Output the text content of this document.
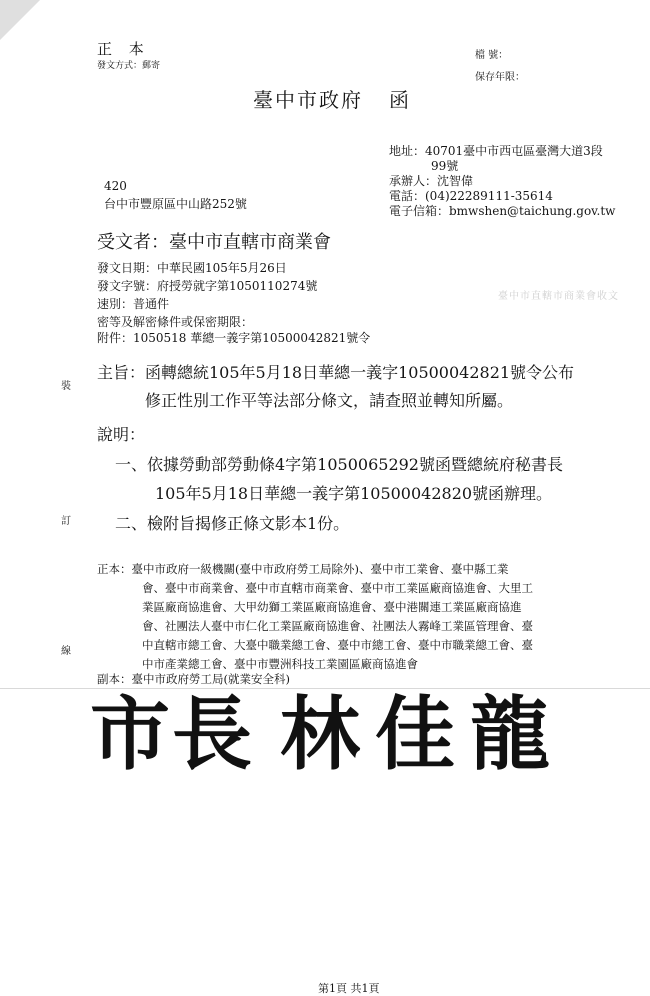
正 本
發文方式：郵寄
檔 號：
保存年限：
臺中市政府 函
地址：40701臺中市西屯區臺灣大道3段
99號
承辦人：沈智偉
電話：(04)22289111-35614
電子信箱：bmwshen@taichung.gov.tw
420
台中市豐原區中山路252號
受文者：臺中市直轄市商業會
發文日期：中華民國105年5月26日
發文字號：府授勞就字第1050110274號
速別：普通件
密等及解密條件或保密期限：
附件：1050518 華總一義字第10500042821號令
臺中市直轄市商業會收文
主旨：函轉總統105年5月18日華總一義字10500042821號令公布
修正性別工作平等法部分條文，請查照並轉知所屬。
說明：
一、依據勞動部勞動條4字第1050065292號函暨總統府秘書長
105年5月18日華總一義字第10500042820號函辦理。
二、檢附旨揭修正條文影本1份。
正本：臺中市政府一級機關(臺中市政府勞工局除外)、臺中市工業會、臺中縣工業
會、臺中市商業會、臺中市直轄市商業會、臺中市工業區廠商協進會、大里工
業區廠商協進會、大甲幼獅工業區廠商協進會、臺中港關連工業區廠商協進
會、社團法人臺中市仁化工業區廠商協進會、社團法人霧峰工業區管理會、臺
中直轄市總工會、大臺中職業總工會、臺中市總工會、臺中市職業總工會、臺
中市產業總工會、臺中市豐洲科技工業園區廠商協進會
副本：臺中市政府勞工局(就業安全科)
裝
訂
線
市 長 林 佳 龍
第1頁 共1頁
